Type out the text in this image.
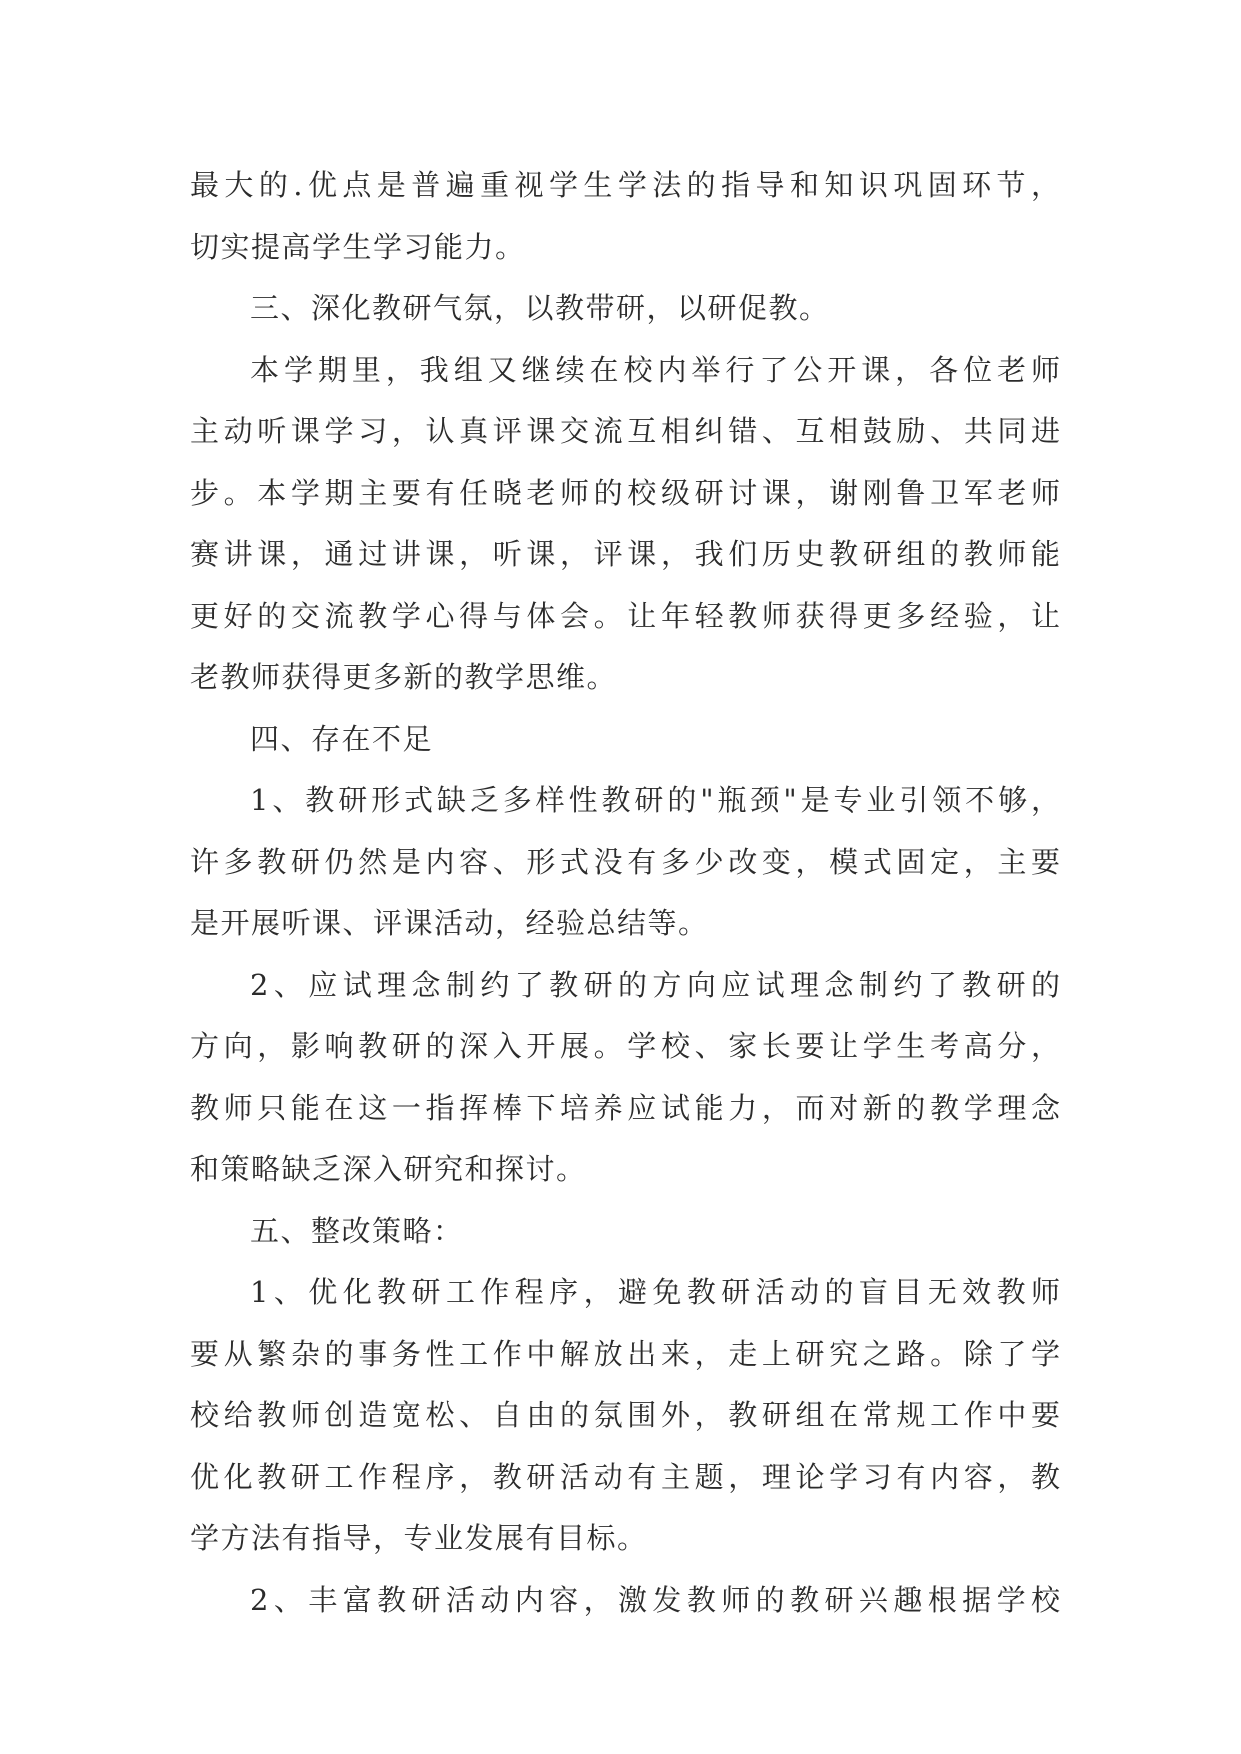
最大的.优点是普遍重视学生学法的指导和知识巩固环节，
切实提高学生学习能力。
三、深化教研气氛，以教带研，以研促教。
本学期里，我组又继续在校内举行了公开课，各位老师
主动听课学习，认真评课交流互相纠错、互相鼓励、共同进
步。本学期主要有任晓老师的校级研讨课，谢刚鲁卫军老师
赛讲课，通过讲课，听课，评课，我们历史教研组的教师能
更好的交流教学心得与体会。让年轻教师获得更多经验，让
老教师获得更多新的教学思维。
四、存在不足
1、教研形式缺乏多样性教研的"瓶颈"是专业引领不够，
许多教研仍然是内容、形式没有多少改变，模式固定，主要
是开展听课、评课活动，经验总结等。
2、应试理念制约了教研的方向应试理念制约了教研的
方向，影响教研的深入开展。学校、家长要让学生考高分，
教师只能在这一指挥棒下培养应试能力，而对新的教学理念
和策略缺乏深入研究和探讨。
五、整改策略：
1、优化教研工作程序，避免教研活动的盲目无效教师
要从繁杂的事务性工作中解放出来，走上研究之路。除了学
校给教师创造宽松、自由的氛围外，教研组在常规工作中要
优化教研工作程序，教研活动有主题，理论学习有内容，教
学方法有指导，专业发展有目标。
2、丰富教研活动内容，激发教师的教研兴趣根据学校
